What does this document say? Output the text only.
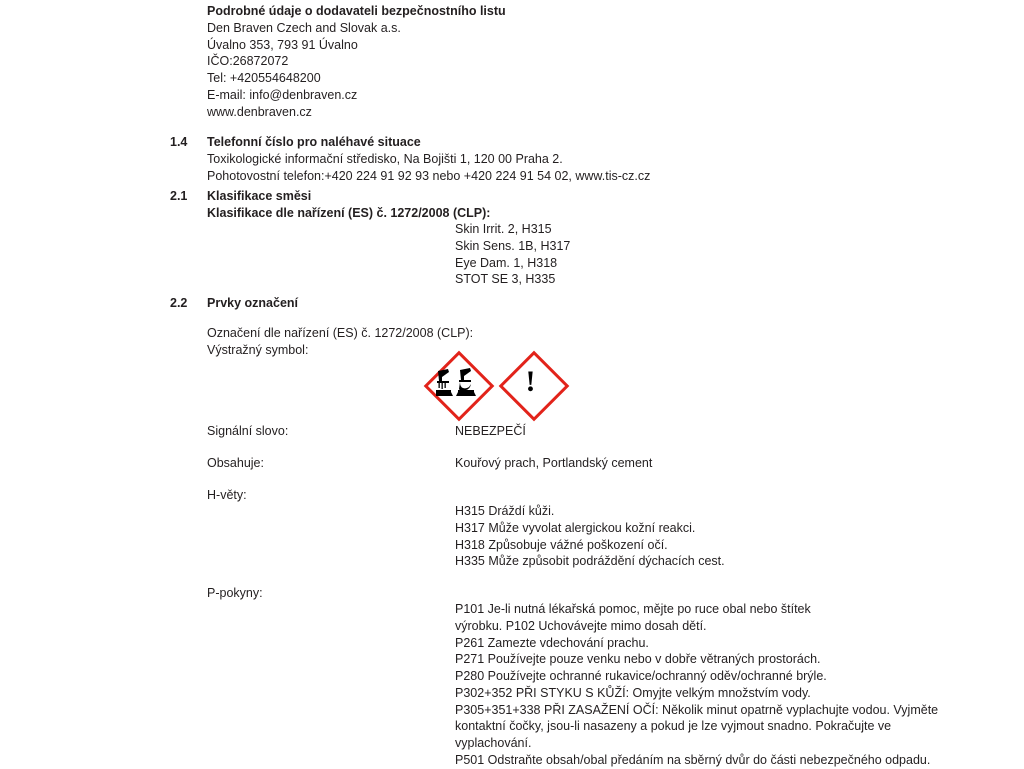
Podrobné údaje o dodavateli bezpečnostního listu
Den Braven Czech and Slovak a.s.
Úvalno 353, 793 91 Úvalno
IČO:26872072
Tel: +420554648200
E-mail: info@denbraven.cz
www.denbraven.cz
1.4 Telefonní číslo pro naléhavé situace
Toxikologické informační středisko, Na Bojišti 1, 120 00 Praha 2.
Pohotovostní telefon:+420 224 91 92 93 nebo +420 224 91 54 02, www.tis-cz.cz
2.1 Klasifikace směsi
Klasifikace dle nařízení (ES) č. 1272/2008 (CLP):
Skin Irrit. 2, H315
Skin Sens. 1B, H317
Eye Dam. 1, H318
STOT SE 3, H335
2.2 Prvky označení
Označení dle nařízení (ES) č. 1272/2008 (CLP):
Výstražný symbol:
!
Signální slovo:	NEBEZPEČÍ
Obsahuje:	Kouřový prach, Portlandský cement
H-věty:
H315 Dráždí kůži.
H317 Může vyvolat alergickou kožní reakci.
H318 Způsobuje vážné poškození očí.
H335 Může způsobit podráždění dýchacích cest.
P-pokyny:
P101 Je-li nutná lékařská pomoc, mějte po ruce obal nebo štítek
výrobku. P102 Uchovávejte mimo dosah dětí.
P261 Zamezte vdechování prachu.
P271 Používejte pouze venku nebo v dobře větraných prostorách.
P280 Používejte ochranné rukavice/ochranný oděv/ochranné brýle.
P302+352 PŘI STYKU S KŮŽÍ: Omyjte velkým množstvím vody.
P305+351+338 PŘI ZASAŽENÍ OČÍ: Několik minut opatrně vyplachujte vodou. Vyjměte
kontaktní čočky, jsou-li nasazeny a pokud je lze vyjmout snadno. Pokračujte ve
vyplachování.
P501 Odstraňte obsah/obal předáním na sběrný dvůr do části nebezpečného odpadu.
